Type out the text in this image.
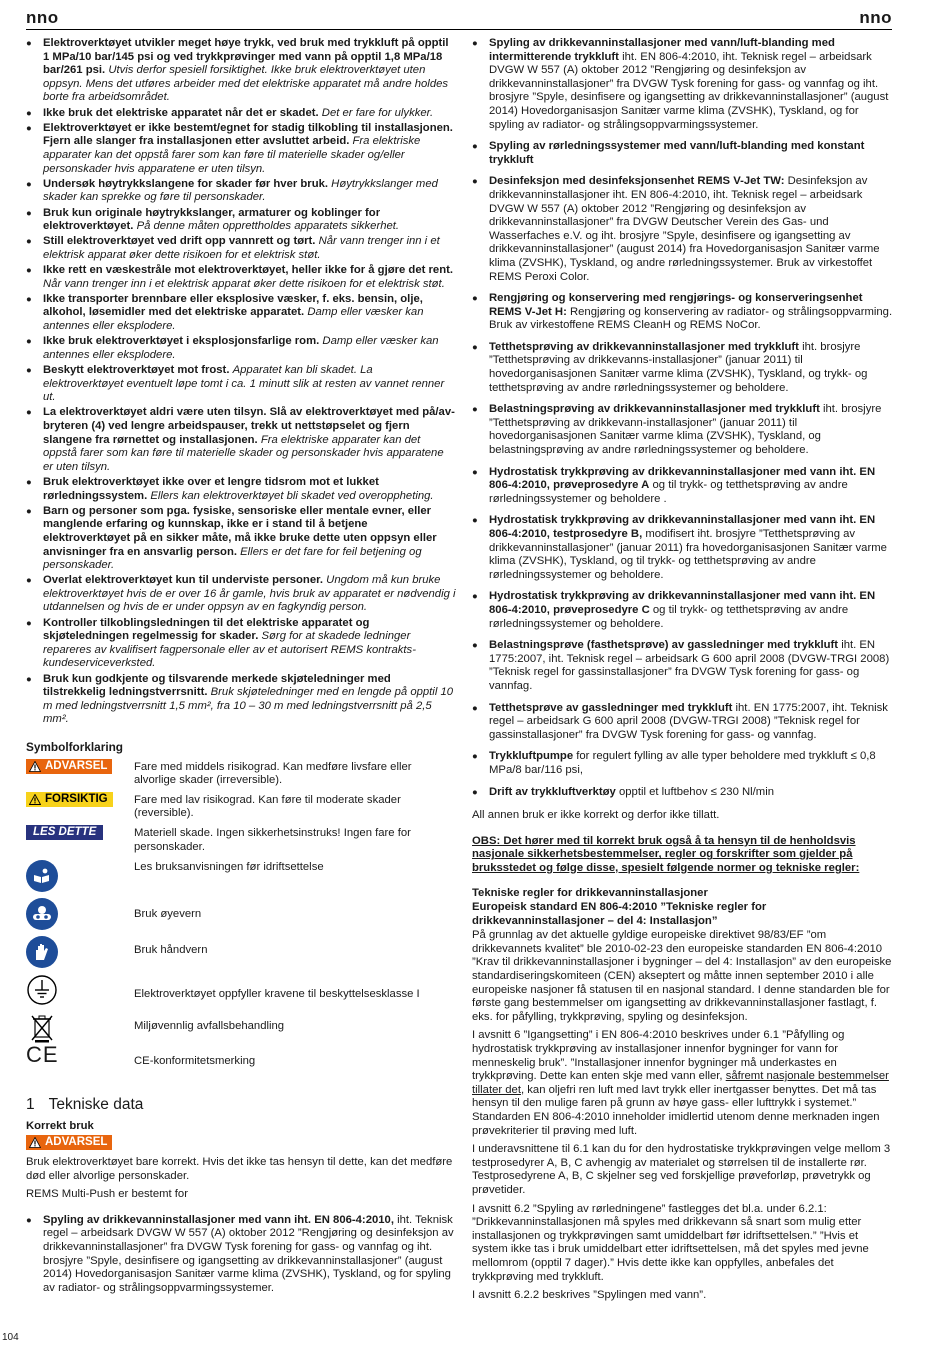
nno	nno
● Elektroverktøyet utvikler meget høye trykk, ved bruk med trykkluft på opptil 1 MPa/10 bar/145 psi og ved trykkprøvinger med vann på opptil 1,8 MPa/18 bar/261 psi. Utvis derfor spesiell forsiktighet. Ikke bruk elektroverktøyet uten oppsyn. Mens det utføres arbeider med det elektriske apparatet må andre holdes borte fra arbeidsområdet.
● Ikke bruk det elektriske apparatet når det er skadet. Det er fare for ulykker.
● Elektroverktøyet er ikke bestemt/egnet for stadig tilkobling til installasjonen. Fjern alle slanger fra installasjonen etter avsluttet arbeid. Fra elektriske apparater kan det oppstå farer som kan føre til materielle skader og/eller personskader hvis apparatene er uten tilsyn.
● Undersøk høytrykkslangene for skader før hver bruk. Høytrykkslanger med skader kan sprekke og føre til personskader.
● Bruk kun originale høytrykkslanger, armaturer og koblinger for elektroverktøyet. På denne måten opprettholdes apparatets sikkerhet.
● Still elektroverktøyet ved drift opp vannrett og tørt. Når vann trenger inn i et elektrisk apparat øker dette risikoen for et elektrisk støt.
● Ikke rett en væskestråle mot elektroverktøyet, heller ikke for å gjøre det rent. Når vann trenger inn i et elektrisk apparat øker dette risikoen for et elektrisk støt.
● Ikke transporter brennbare eller eksplosive væsker, f. eks. bensin, olje, alkohol, løsemidler med det elektriske apparatet. Damp eller væsker kan antennes eller eksplodere.
● Ikke bruk elektroverktøyet i eksplosjonsfarlige rom. Damp eller væsker kan antennes eller eksplodere.
● Beskytt elektroverktøyet mot frost. Apparatet kan bli skadet. La elektroverktøyet eventuelt løpe tomt i ca. 1 minutt slik at resten av vannet renner ut.
● La elektroverktøyet aldri være uten tilsyn. Slå av elektroverktøyet med på/av-bryteren (4) ved lengre arbeidspauser, trekk ut nettstøpselet og fjern slangene fra rørnettet og installasjonen. Fra elektriske apparater kan det oppstå farer som kan føre til materielle skader og personskader hvis apparatene er uten tilsyn.
● Bruk elektroverktøyet ikke over et lengre tidsrom mot et lukket rørledningssystem. Ellers kan elektroverktøyet bli skadet ved overoppheting.
● Barn og personer som pga. fysiske, sensoriske eller mentale evner, eller manglende erfaring og kunnskap, ikke er i stand til å betjene elektroverktøyet på en sikker måte, må ikke bruke dette uten oppsyn eller anvisninger fra en ansvarlig person. Ellers er det fare for feil betjening og personskader.
● Overlat elektroverktøyet kun til underviste personer. Ungdom må kun bruke elektroverktøyet hvis de er over 16 år gamle, hvis bruk av apparatet er nødvendig i utdannelsen og hvis de er under oppsyn av en fagkyndig person.
● Kontroller tilkoblingsledningen til det elektriske apparatet og skjøteledningen regelmessig for skader. Sørg for at skadede ledninger repareres av kvalifisert fagpersonale eller av et autorisert REMS kontrakts-kundeserviceverksted.
● Bruk kun godkjente og tilsvarende merkede skjøteledninger med tilstrekkelig ledningstverrsnitt. Bruk skjøteledninger med en lengde på opptil 10 m med ledningstverrsnitt 1,5 mm², fra 10 – 30 m med ledningstverrsnitt på 2,5 mm².
Symbolforklaring
ADVARSEL Fare med middels risikograd. Kan medføre livsfare eller alvorlige skader (irreversible).
FORSIKTIG Fare med lav risikograd. Kan føre til moderate skader (reversible).
LES DETTE	Materiell skade. Ingen sikkerhetsinstruks! Ingen fare for personskader.
Les bruksanvisningen før idriftsettelse
Bruk øyevern
Bruk håndvern
Elektroverktøyet oppfyller kravene til beskyttelsesklasse I
Miljøvennlig avfallsbehandling
CE	CE-konformitetsmerking
1 Tekniske data
Korrekt bruk
ADVARSEL

Bruk elektroverktøyet bare korrekt. Hvis det ikke tas hensyn til dette, kan det medføre død eller alvorlige personskader.

REMS Multi-Push er bestemt for

● Spyling av drikkevanninstallasjoner med vann iht. EN 806-4:2010, iht. Teknisk regel – arbeidsark DVGW W 557 (A) oktober 2012 ”Rengjøring og desinfeksjon av drikkevanninstallasjoner” fra DVGW Tysk forening for gass- og vannfag og iht. brosjyre ”Spyle, desinfisere og igangsetting av drikkevanninstallasjoner” (august 2014) Hovedorganisasjon Sanitær varme klima (ZVSHK), Tyskland, og for spyling av radiator- og strålingsoppvarmingssystemer.
● Spyling av drikkevanninstallasjoner med vann/luft-blanding med intermitterende trykkluft iht. EN 806-4:2010, iht. Teknisk regel – arbeidsark DVGW W 557 (A) oktober 2012 ”Rengjøring og desinfeksjon av drikkevanninstallasjoner” fra DVGW Tysk forening for gass- og vannfag og iht. brosjyre ”Spyle, desinfisere og igangsetting av drikkevanninstallasjoner” (august 2014) Hovedorganisasjon Sanitær varme klima (ZVSHK), Tyskland, og for spyling av radiator- og strålingsoppvarmingssystemer.
● Spyling av rørledningssystemer med vann/luft-blanding med konstant trykkluft
● Desinfeksjon med desinfeksjonsenhet REMS V-Jet TW: Desinfeksjon av drikkevanninstallasjoner iht. EN 806-4:2010, iht. Teknisk regel – arbeidsark DVGW W 557 (A) oktober 2012 ”Rengjøring og desinfeksjon av drikkevanninstallasjoner” fra DVGW Deutscher Verein des Gas- und Wasserfaches e.V. og iht. brosjyre ”Spyle, desinfisere og igangsetting av drikkevanninstallasjoner” (august 2014) fra Hovedorganisasjon Sanitær varme klima (ZVSHK), Tyskland, og andre rørledningssystemer. Bruk av virkestoffet REMS Peroxi Color.
● Rengjøring og konservering med rengjørings- og konserveringsenhet REMS V-Jet H: Rengjøring og konservering av radiator- og strålingsoppvarming. Bruk av virkestoffene REMS CleanH og REMS NoCor.
● Tetthetsprøving av drikkevanninstallasjoner med trykkluft iht. brosjyre ”Tetthetsprøving av drikkevanns-installasjoner” (januar 2011) til hovedorganisasjonen Sanitær varme klima (ZVSHK), Tyskland, og trykk- og tetthetsprøving av andre rørledningssystemer og beholdere.
● Belastningsprøving av drikkevanninstallasjoner med trykkluft iht. brosjyre ”Tetthetsprøving av drikkevann-installasjoner” (januar 2011) til hovedorganisasjonen Sanitær varme klima (ZVSHK), Tyskland, og belastningsprøving av andre rørledningssystemer og beholdere.
● Hydrostatisk trykkprøving av drikkevanninstallasjoner med vann iht. EN 806-4:2010, prøveprosedyre A og til trykk- og tetthetsprøving av andre rørledningssystemer og beholdere .
● Hydrostatisk trykkprøving av drikkevanninstallasjoner med vann iht. EN 806-4:2010, testprosedyre B, modifisert iht. brosjyre ”Tetthetsprøving av drikkevanninstallasjoner” (januar 2011) fra hovedorganisasjonen Sanitær varme klima (ZVSHK), Tyskland, og til trykk- og tetthetsprøving av andre rørledningssystemer og beholdere.
● Hydrostatisk trykkprøving av drikkevanninstallasjoner med vann iht. EN 806-4:2010, prøveprosedyre C og til trykk- og tetthetsprøving av andre rørledningssystemer og beholdere.
● Belastningsprøve (fasthetsprøve) av gassledninger med trykkluft iht. EN 1775:2007, iht. Teknisk regel – arbeidsark G 600 april 2008 (DVGW-TRGI 2008) ”Teknisk regel for gassinstallasjoner” fra DVGW Tysk forening for gass- og vannfag.
● Tetthetsprøve av gassledninger med trykkluft iht. EN 1775:2007, iht. Teknisk regel – arbeidsark G 600 april 2008 (DVGW-TRGI 2008) ”Teknisk regel for gassinstallasjoner” fra DVGW Tysk forening for gass- og vannfag.
● Trykkluftpumpe for regulert fylling av alle typer beholdere med trykkluft ≤ 0,8 MPa/8 bar/116 psi,
● Drift av trykkluftverktøy opptil et luftbehov ≤ 230 Nl/min

All annen bruk er ikke korrekt og derfor ikke tillatt.

OBS: Det hører med til korrekt bruk også å ta hensyn til de henholdsvis nasjonale sikkerhetsbestemmelser, regler og forskrifter som gjelder på bruksstedet og følge disse, spesielt følgende normer og tekniske regler:

Tekniske regler for drikkevanninstallasjoner
Europeisk standard EN 806-4:2010 ”Tekniske regler for drikkevanninstallasjoner – del 4: Installasjon”

På grunnlag av det aktuelle gyldige europeiske direktivet 98/83/EF ”om drikkevannets kvalitet” ble 2010-02-23 den europeiske standarden EN 806-4:2010 ”Krav til drikkevanninstallasjoner i bygninger – del 4: Installasjon” av den europeiske standardiseringskomiteen (CEN) akseptert og måtte innen september 2010 i alle europeiske nasjoner få statusen til en nasjonal standard. I denne standarden ble for første gang bestemmelser om igangsetting av drikkevanninstallasjoner fastlagt, f. eks. for påfylling, trykkprøving, spyling og desinfeksjon.

I avsnitt 6 ”Igangsetting” i EN 806-4:2010 beskrives under 6.1 ”Påfylling og hydrostatisk trykkprøving av installasjoner innenfor bygninger for vann for menneskelig bruk”. ”Installasjoner innenfor bygninger må underkastes en trykkprøving. Dette kan enten skje med vann eller, såfremt nasjonale bestemmelser tillater det, kan oljefri ren luft med lavt trykk eller inertgasser benyttes. Det må tas hensyn til den mulige faren på grunn av høye gass- eller lufttrykk i systemet.” Standarden EN 806-4:2010 inneholder imidlertid utenom denne merknaden ingen prøvekriterier til prøving med luft.

I underavsnittene til 6.1 kan du for den hydrostatiske trykkprøvingen velge mellom 3 testprosedyrer A, B, C avhengig av materialet og størrelsen til de installerte rør. Testprosedyrene A, B, C skjelner seg ved forskjellige prøveforløp, prøvetrykk og prøvetider.

I avsnitt 6.2 ”Spyling av rørledningene” fastlegges det bl.a. under 6.2.1: ”Drikkevanninstallasjonen må spyles med drikkevann så snart som mulig etter installasjonen og trykkprøvingen samt umiddelbart før idriftsettelsen.” ”Hvis et system ikke tas i bruk umiddelbart etter idriftsettelsen, må det spyles med jevne mellomrom (opptil 7 dager).” Hvis dette ikke kan oppfylles, anbefales det trykkprøving med trykkluft.

I avsnitt 6.2.2 beskrives ”Spylingen med vann”.

104
